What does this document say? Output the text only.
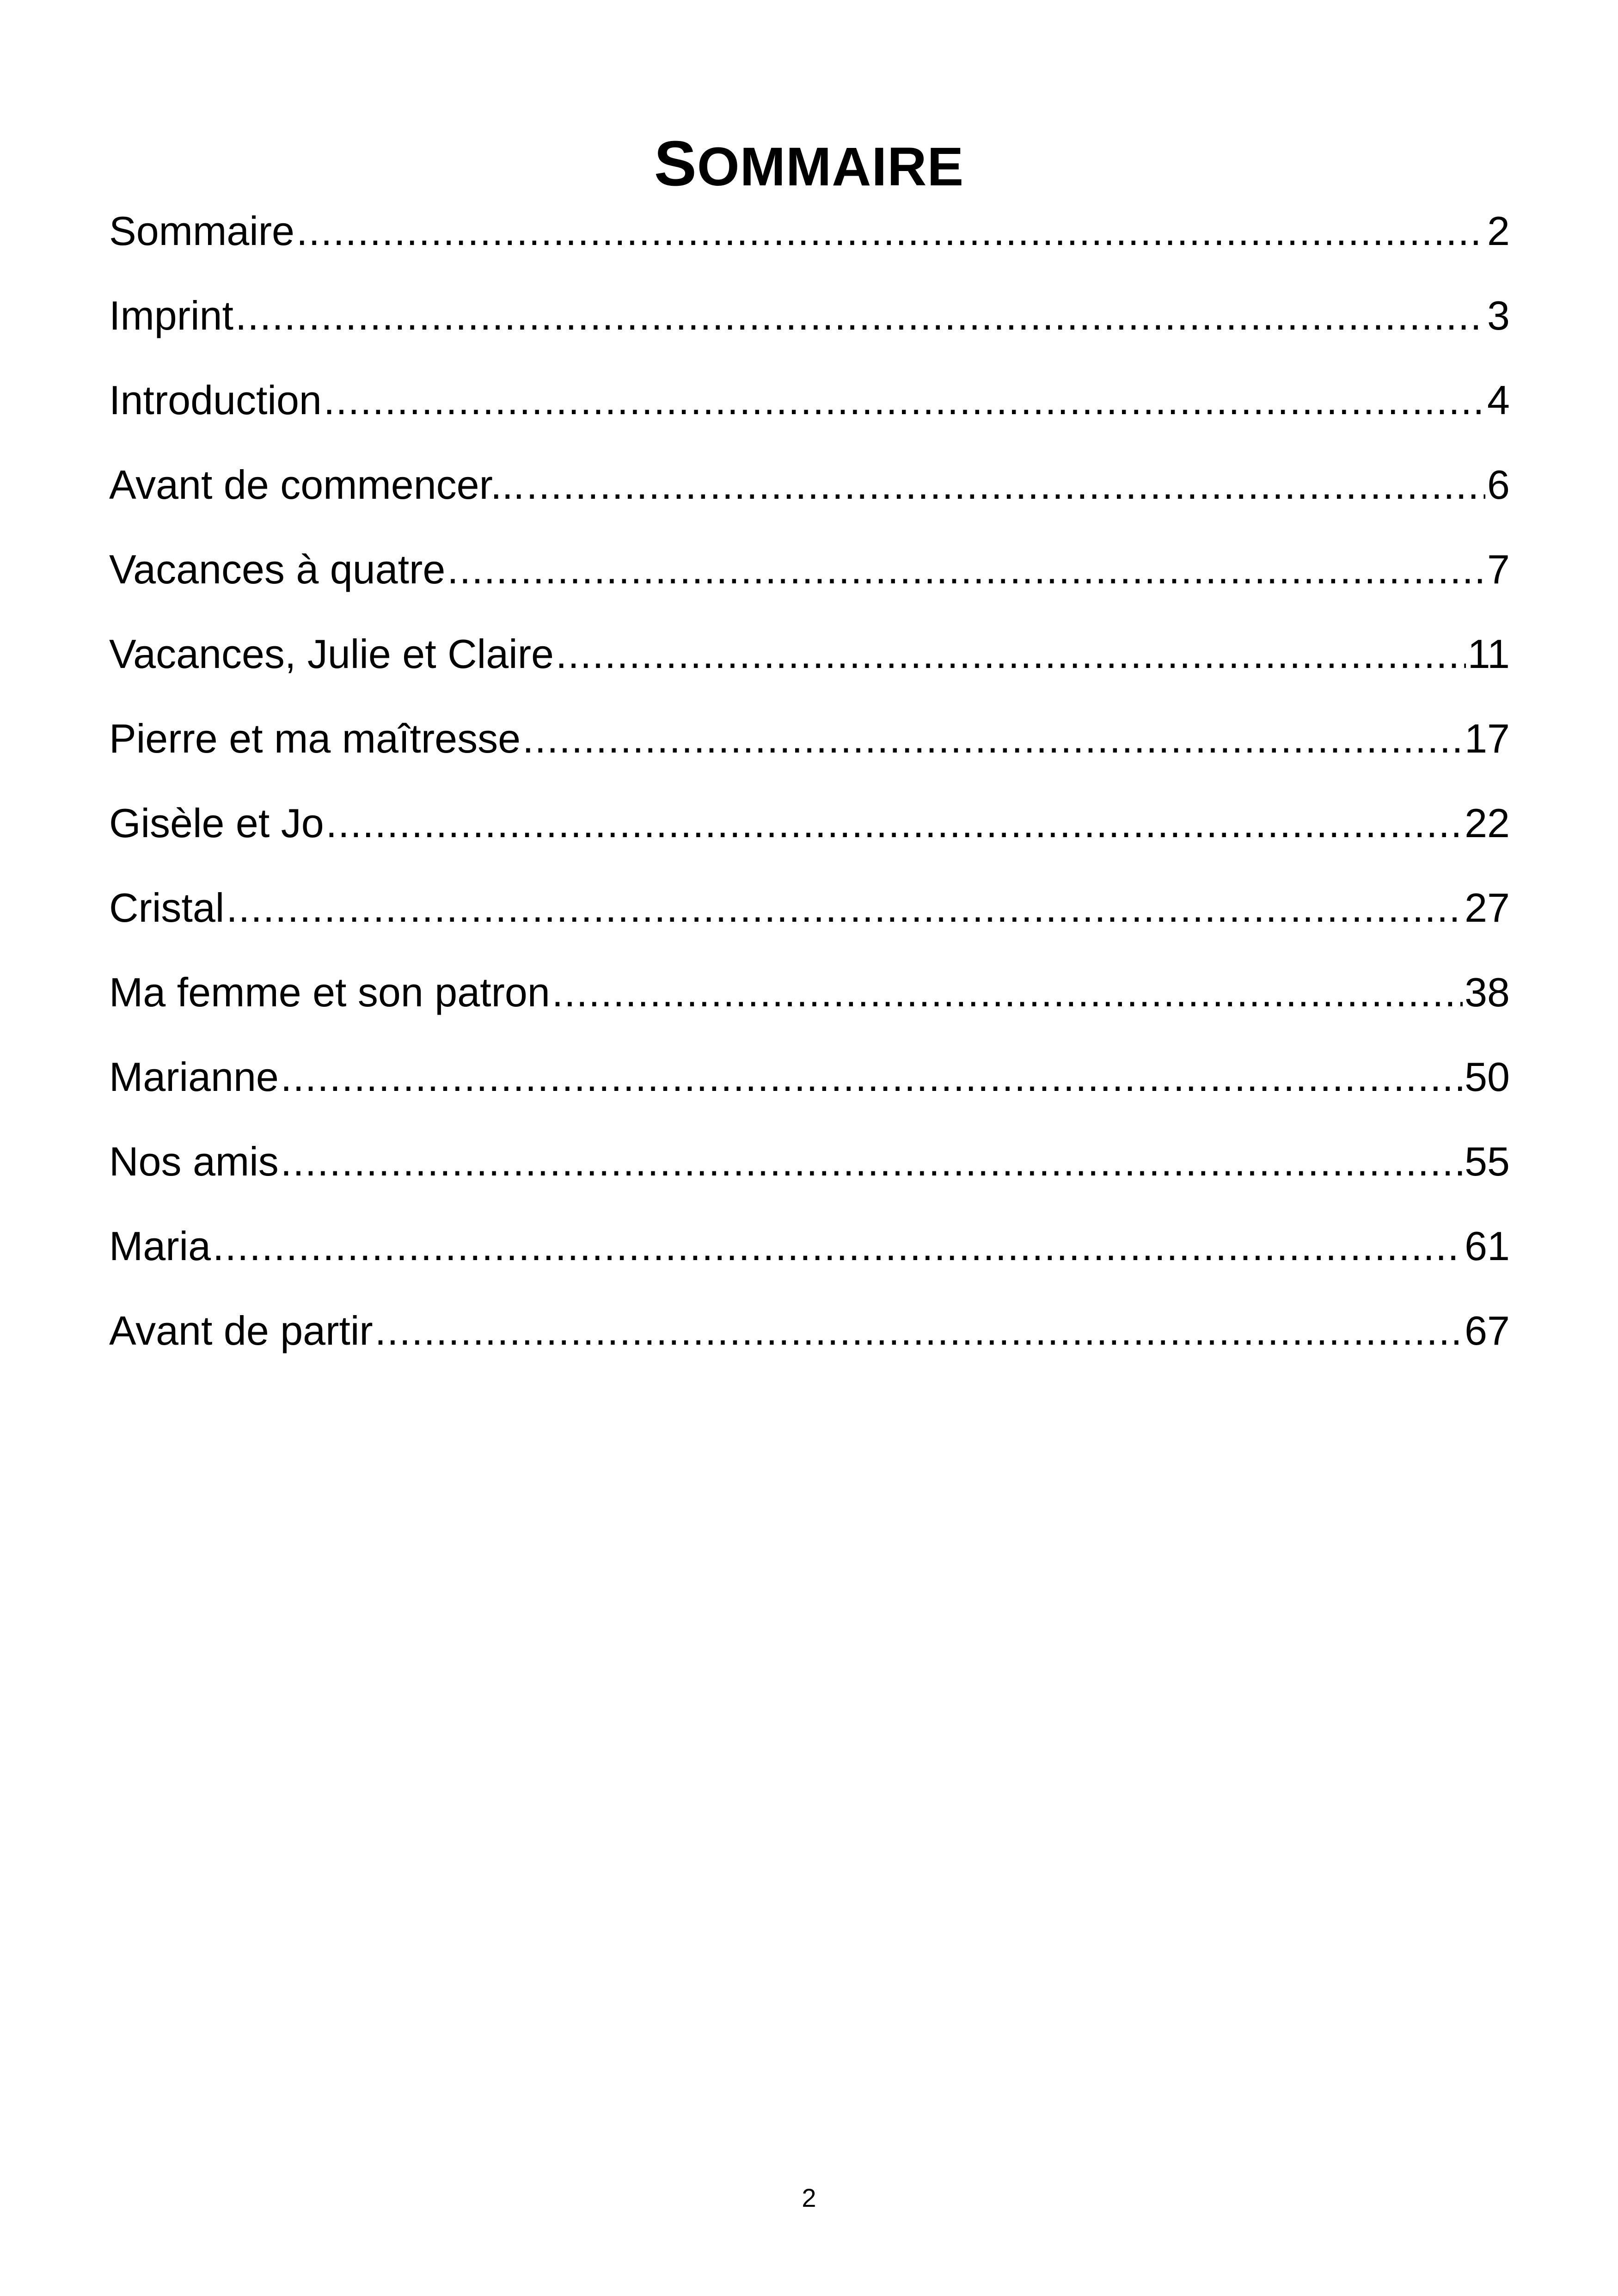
SOMMAIRE
Sommaire .....	2
Imprint .....	3
Introduction .....	4
Avant de commencer... .....	6
Vacances à quatre .....	7
Vacances, Julie et Claire .....	11
Pierre et ma maîtresse .....	17
Gisèle et Jo .....	22
Cristal .....	27
Ma femme et son patron .....	38
Marianne .....	50
Nos amis .....	55
Maria .....	61
Avant de partir .....	67
2
